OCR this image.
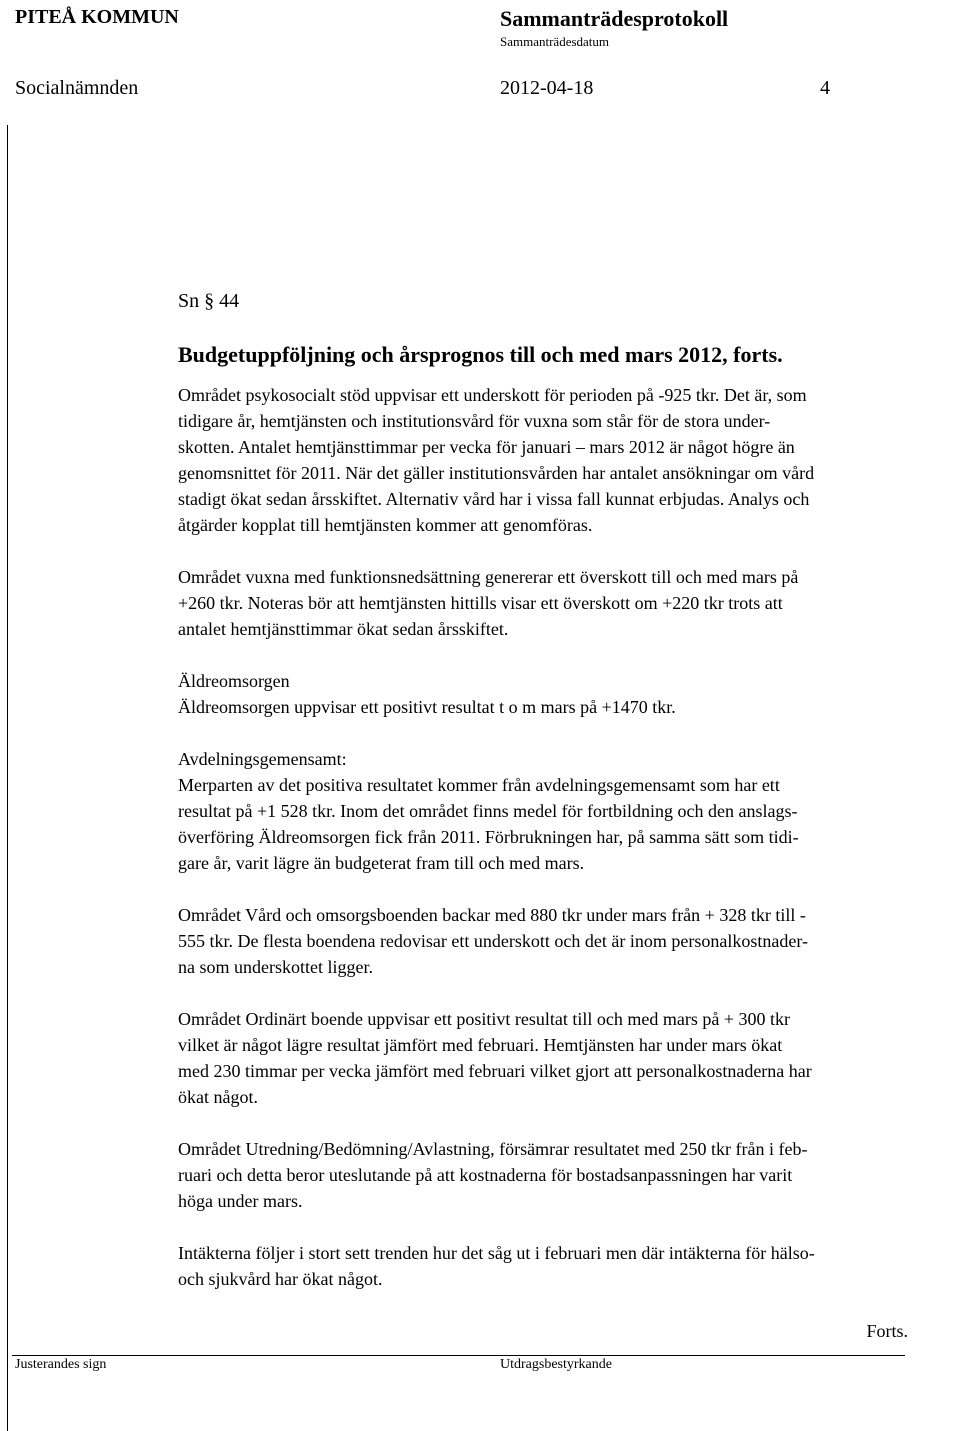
PITEÅ KOMMUN	Sammanträdesprotokoll
Sammanträdesdatum
Socialnämnden	2012-04-18	4
Sn § 44
Budgetuppföljning och årsprognos till och med mars 2012, forts.
Området psykosocialt stöd uppvisar ett underskott för perioden på -925 tkr. Det är, som
tidigare år, hemtjänsten och institutionsvård för vuxna som står för de stora under-
skotten. Antalet hemtjänsttimmar per vecka för januari – mars 2012 är något högre än
genomsnittet för 2011. När det gäller institutionsvården har antalet ansökningar om vård
stadigt ökat sedan årsskiftet. Alternativ vård har i vissa fall kunnat erbjudas. Analys och
åtgärder kopplat till hemtjänsten kommer att genomföras.
Området vuxna med funktionsnedsättning genererar ett överskott till och med mars på
+260 tkr. Noteras bör att hemtjänsten hittills visar ett överskott om +220 tkr trots att
antalet hemtjänsttimmar ökat sedan årsskiftet.
Äldreomsorgen
Äldreomsorgen uppvisar ett positivt resultat t o m mars på +1470 tkr.
Avdelningsgemensamt:
Merparten av det positiva resultatet kommer från avdelningsgemensamt som har ett
resultat på +1 528 tkr. Inom det området finns medel för fortbildning och den anslags-
överföring Äldreomsorgen fick från 2011. Förbrukningen har, på samma sätt som tidi-
gare år, varit lägre än budgeterat fram till och med mars.
Området Vård och omsorgsboenden backar med 880 tkr under mars från + 328 tkr till -
555 tkr. De flesta boendena redovisar ett underskott och det är inom personalkostnader-
na som underskottet ligger.
Området Ordinärt boende uppvisar ett positivt resultat till och med mars på + 300 tkr
vilket är något lägre resultat jämfört med februari. Hemtjänsten har under mars ökat
med 230 timmar per vecka jämfört med februari vilket gjort att personalkostnaderna har
ökat något.
Området Utredning/Bedömning/Avlastning, försämrar resultatet med 250 tkr från i feb-
ruari och detta beror uteslutande på att kostnaderna för bostadsanpassningen har varit
höga under mars.
Intäkterna följer i stort sett trenden hur det såg ut i februari men där intäkterna för hälso-
och sjukvård har ökat något.
Forts.
Justerandes sign	Utdragsbestyrkande
